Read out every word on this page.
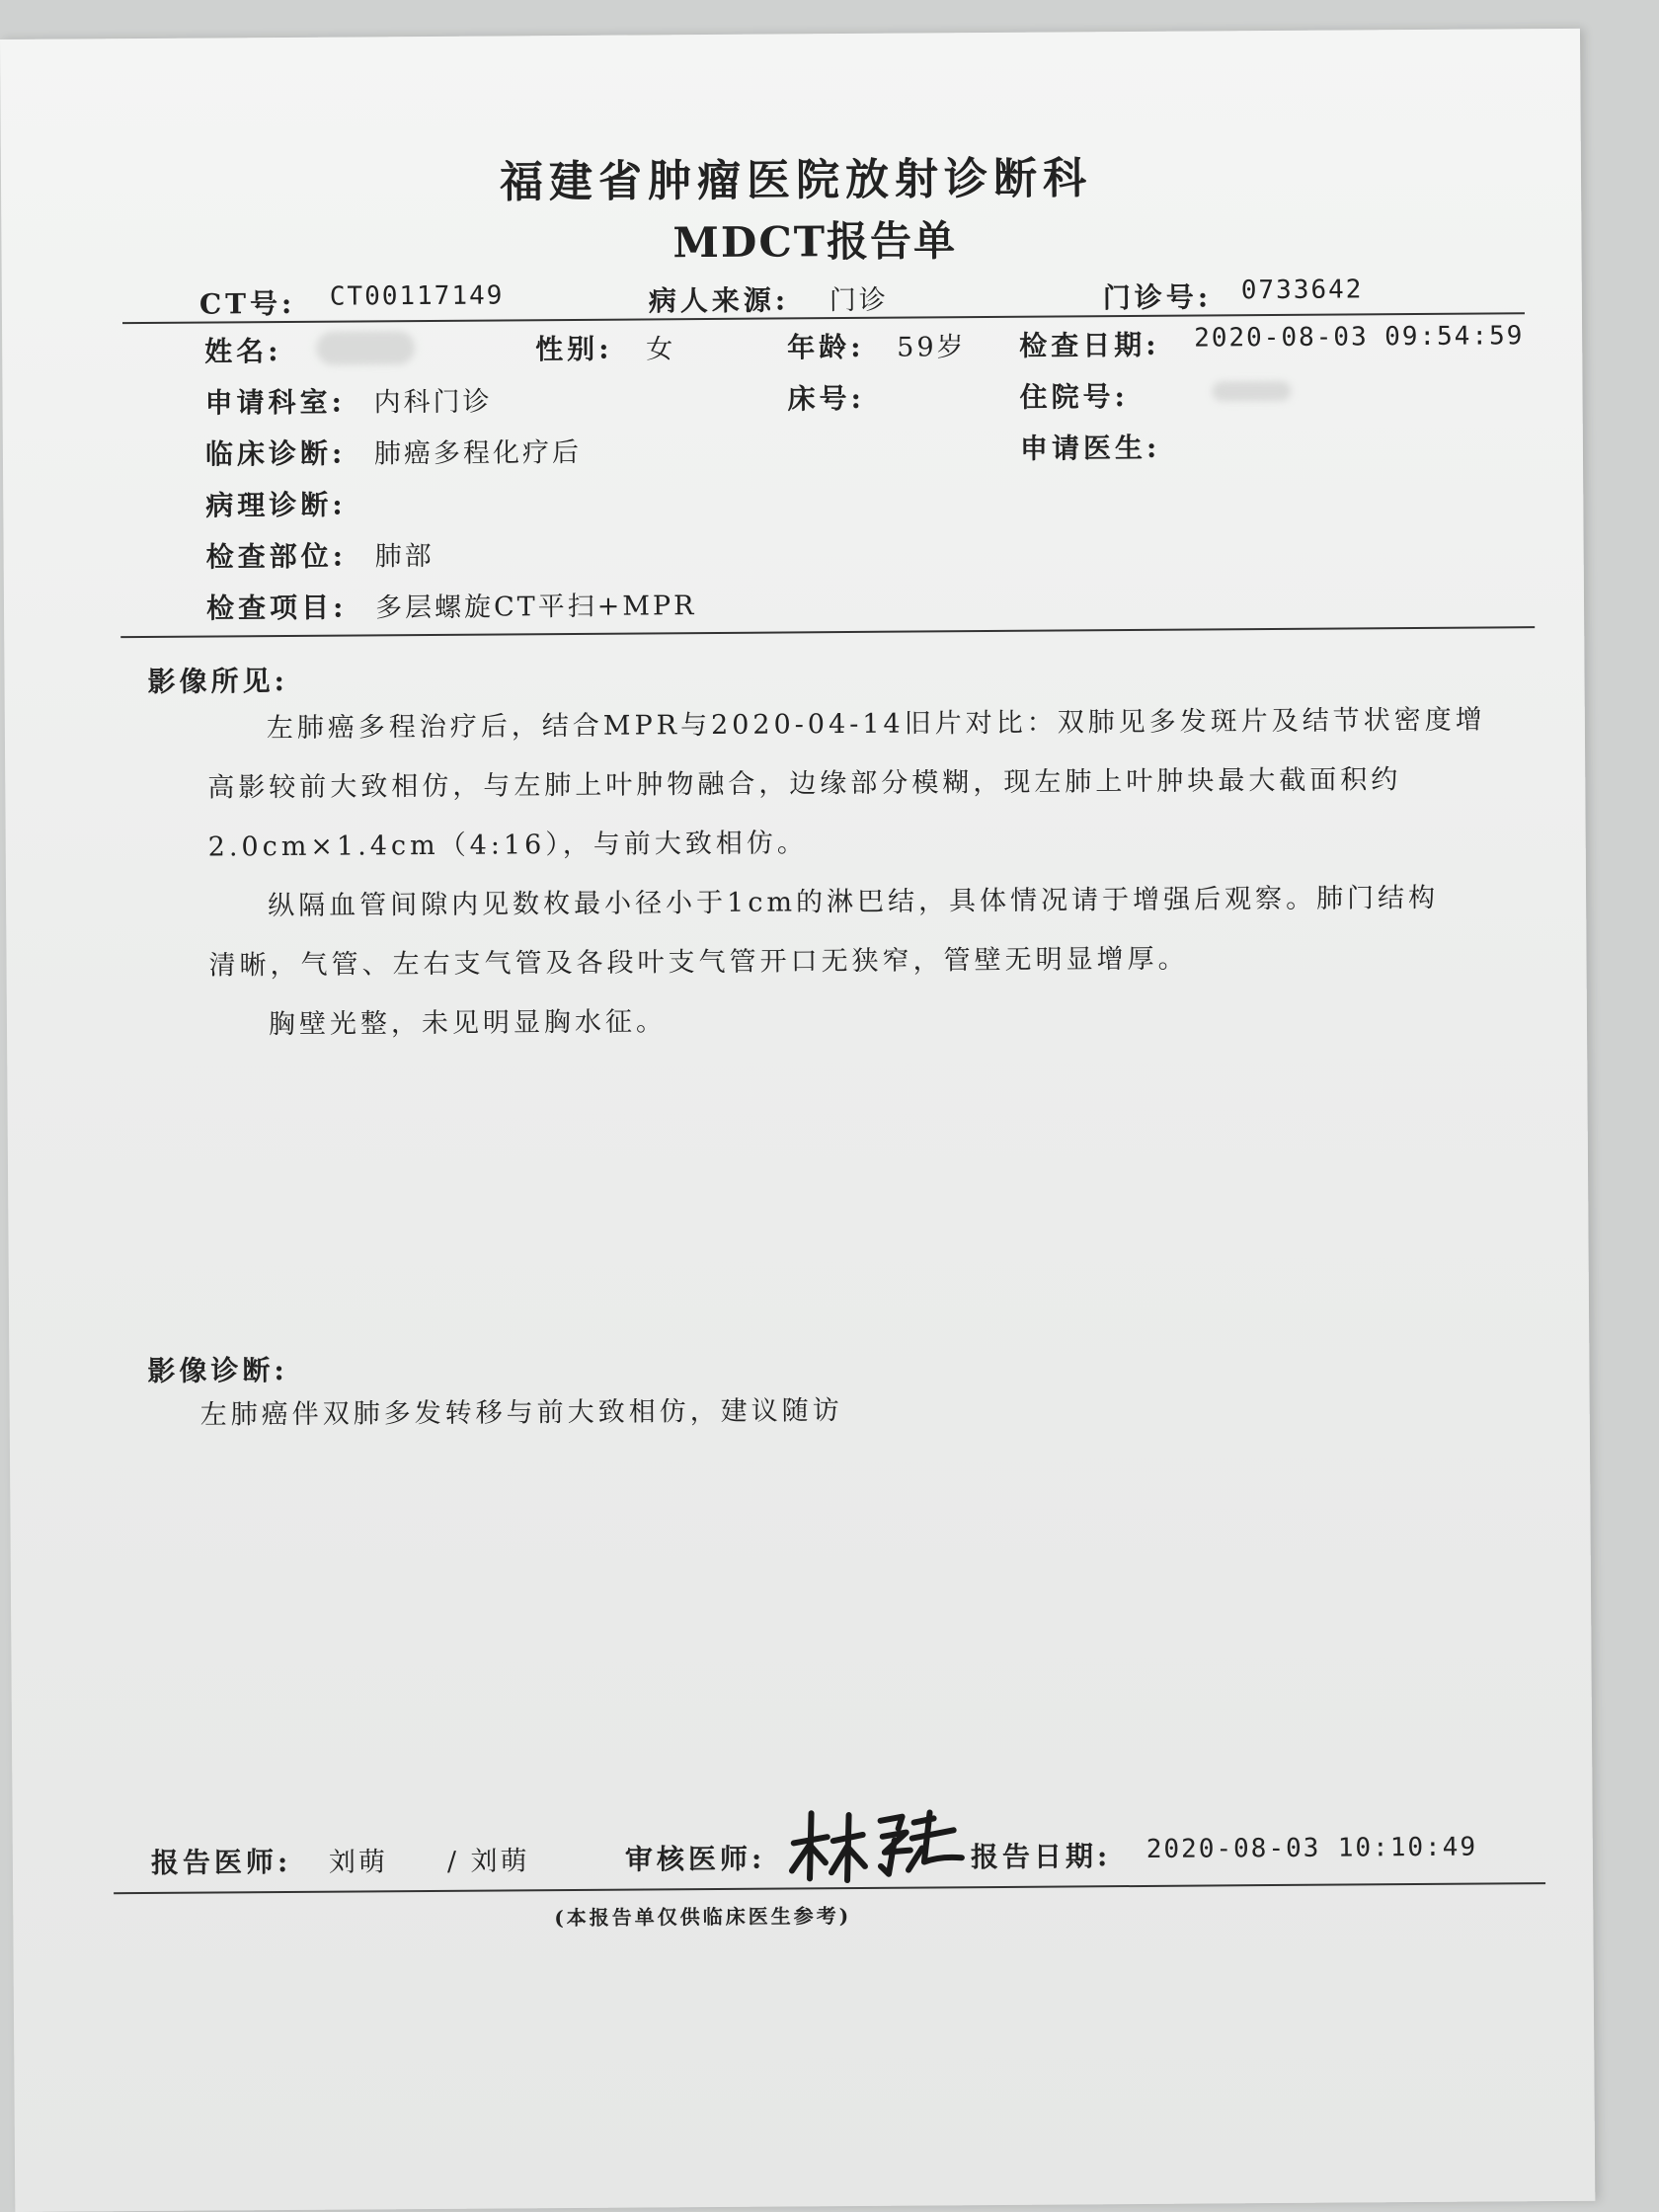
福建省肿瘤医院放射诊断科
MDCT报告单
CT号: CT00117149	病人来源: 门诊	门诊号: 0733642
姓名:	性别: 女	年龄: 59岁 检查日期: 2020-08-03 09:54:59
申请科室: 内科门诊	床号:	住院号:
临床诊断: 肺癌多程化疗后	申请医生:
病理诊断:
检查部位: 肺部
检查项目: 多层螺旋CT平扫+MPR
影像所见:
左肺癌多程治疗后，结合MPR与2020-04-14旧片对比：双肺见多发斑片及结节状密度增
高影较前大致相仿，与左肺上叶肿物融合，边缘部分模糊，现左肺上叶肿块最大截面积约
2.0cm×1.4cm（4:16），与前大致相仿。
纵隔血管间隙内见数枚最小径小于1cm的淋巴结，具体情况请于增强后观察。肺门结构
清晰，气管、左右支气管及各段叶支气管开口无狭窄，管壁无明显增厚。
胸壁光整，未见明显胸水征。
影像诊断:
左肺癌伴双肺多发转移与前大致相仿，建议随访
报告医师: 刘萌 / 刘萌	审核医师:	报告日期: 2020-08-03 10:10:49
(本报告单仅供临床医生参考)
